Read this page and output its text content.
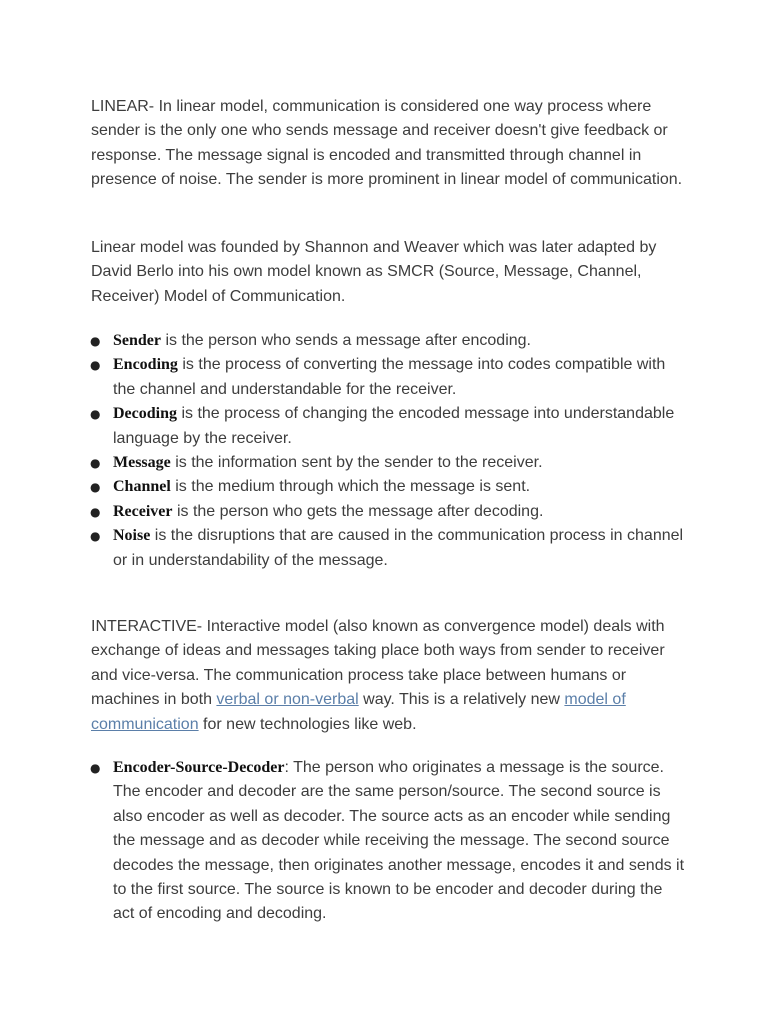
LINEAR- In linear model, communication is considered one way process where sender is the only one who sends message and receiver doesn't give feedback or response. The message signal is encoded and transmitted through channel in presence of noise. The sender is more prominent in linear model of communication.

Linear model was founded by Shannon and Weaver which was later adapted by David Berlo into his own model known as SMCR (Source, Message, Channel, Receiver) Model of Communication.

● Sender is the person who sends a message after encoding.
● Encoding is the process of converting the message into codes compatible with the channel and understandable for the receiver.
● Decoding is the process of changing the encoded message into understandable language by the receiver.
● Message is the information sent by the sender to the receiver.
● Channel is the medium through which the message is sent.
● Receiver is the person who gets the message after decoding.
● Noise is the disruptions that are caused in the communication process in channel or in understandability of the message.

INTERACTIVE- Interactive model (also known as convergence model) deals with exchange of ideas and messages taking place both ways from sender to receiver and vice-versa. The communication process take place between humans or machines in both verbal or non-verbal way. This is a relatively new model of communication for new technologies like web.

● Encoder-Source-Decoder: The person who originates a message is the source. The encoder and decoder are the same person/source. The second source is also encoder as well as decoder. The source acts as an encoder while sending the message and as decoder while receiving the message. The second source decodes the message, then originates another message, encodes it and sends it to the first source. The source is known to be encoder and decoder during the act of encoding and decoding.
